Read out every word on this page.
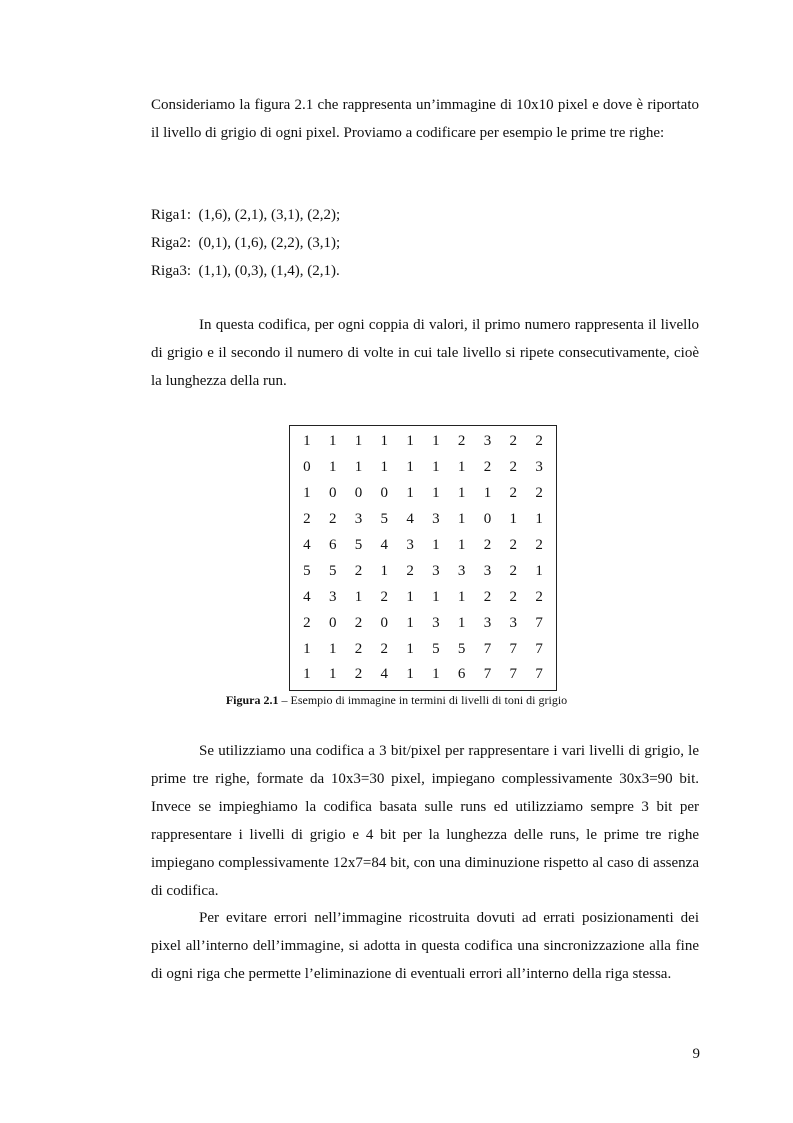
Consideriamo la figura 2.1 che rappresenta un’immagine di 10x10 pixel e dove è riportato il livello di grigio di ogni pixel. Proviamo a codificare per esempio le prime tre righe:

Riga1: (1,6), (2,1), (3,1), (2,2);

Riga2: (0,1), (1,6), (2,2), (3,1);

Riga3: (1,1), (0,3), (1,4), (2,1).

In questa codifica, per ogni coppia di valori, il primo numero rappresenta il livello di grigio e il secondo il numero di volte in cui tale livello si ripete consecutivamente, cioè la lunghezza della run.

1	1	1	1	1	1	2	3	2	2
0	1	1	1	1	1	1	2	2	3
1	0	0	0	1	1	1	1	2	2
2	2	3	5	4	3	1	0	1	1
4	6	5	4	3	1	1	2	2	2
5	5	2	1	2	3	3	3	2	1
4	3	1	2	1	1	1	2	2	2
2	0	2	0	1	3	1	3	3	7
1	1	2	2	1	5	5	7	7	7
1	1	2	4	1	1	6	7	7	7
Figura 2.1 – Esempio di immagine in termini di livelli di toni di grigio

Se utilizziamo una codifica a 3 bit/pixel per rappresentare i vari livelli di grigio, le prime tre righe, formate da 10x3=30 pixel, impiegano complessivamente 30x3=90 bit. Invece se impieghiamo la codifica basata sulle runs ed utilizziamo sempre 3 bit per rappresentare i livelli di grigio e 4 bit per la lunghezza delle runs, le prime tre righe impiegano complessivamente 12x7=84 bit, con una diminuzione rispetto al caso di assenza di codifica.

Per evitare errori nell’immagine ricostruita dovuti ad errati posizionamenti dei pixel all’interno dell’immagine, si adotta in questa codifica una sincronizzazione alla fine di ogni riga che permette l’eliminazione di eventuali errori all’interno della riga stessa.

9
